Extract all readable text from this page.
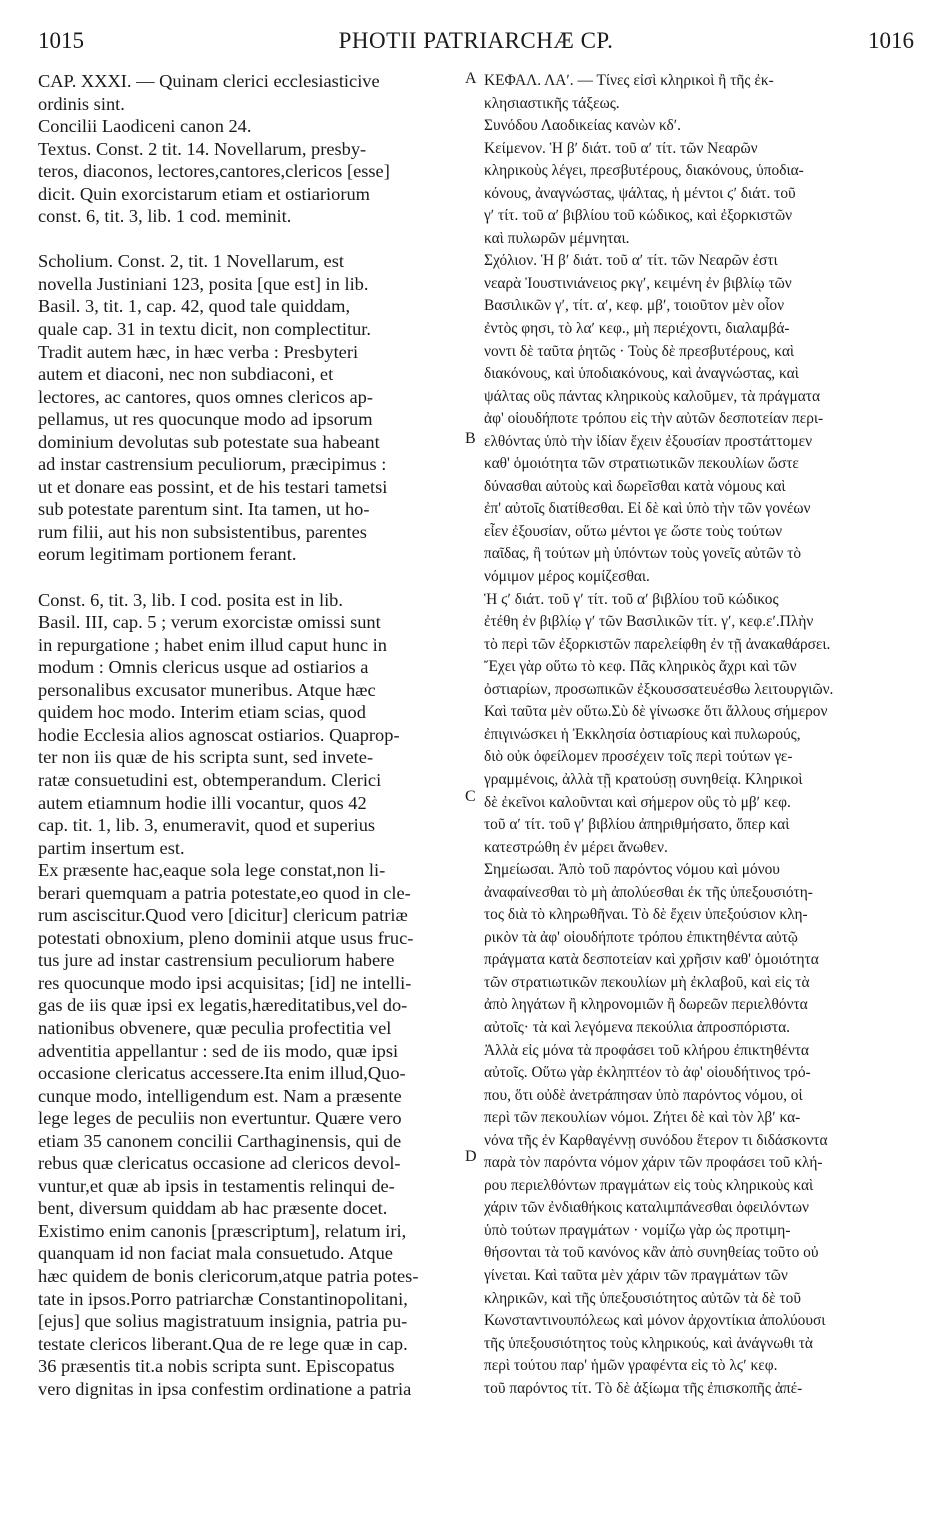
1015	PHOTII PATRIARCHÆ CP.	1016
CAP. XXXI. — Quinam clerici ecclesiasticive
ordinis sint.
Concilii Laodiceni canon 24.
Textus. Const. 2 tit. 14. Novellarum, presby-
teros, diaconos, lectores,cantores,clericos [esse]
dicit. Quin exorcistarum etiam et ostiariorum
const. 6, tit. 3, lib. 1 cod. meminit.
Scholium. Const. 2, tit. 1 Novellarum, est
novella Justiniani 123, posita [que est] in lib.
Basil. 3, tit. 1, cap. 42, quod tale quiddam,
quale cap. 31 in textu dicit, non complectitur.
Tradit autem hæc, in hæc verba : Presbyteri
autem et diaconi, nec non subdiaconi, et
lectores, ac cantores, quos omnes clericos ap-
pellamus, ut res quocunque modo ad ipsorum
dominium devolutas sub potestate sua habeant
ad instar castrensium peculiorum, præcipimus :
ut et donare eas possint, et de his testari tametsi
sub potestate parentum sint. Ita tamen, ut ho-
rum filii, aut his non subsistentibus, parentes
eorum legitimam portionem ferant.
Const. 6, tit. 3, lib. I cod. posita est in lib.
Basil. III, cap. 5 ; verum exorcistæ omissi sunt
in repurgatione ; habet enim illud caput hunc in
modum : Omnis clericus usque ad ostiarios a
personalibus excusator muneribus. Atque hæc
quidem hoc modo. Interim etiam scias, quod
hodie Ecclesia alios agnoscat ostiarios. Quaprop-
ter non iis quæ de his scripta sunt, sed invete-
ratæ consuetudini est, obtemperandum. Clerici
autem etiamnum hodie illi vocantur, quos 42
cap. tit. 1, lib. 3, enumeravit, quod et superius
partim insertum est.
Ex præsente hac,eaque sola lege constat,non li-
berari quemquam a patria potestate,eo quod in cle-
rum asciscitur.Quod vero [dicitur] clericum patriæ
potestati obnoxium, pleno dominii atque usus fruc-
tus jure ad instar castrensium peculiorum habere
res quocunque modo ipsi acquisitas; [id] ne intelli-
gas de iis quæ ipsi ex legatis,hæreditatibus,vel do-
nationibus obvenere, quæ peculia profectitia vel
adventitia appellantur : sed de iis modo, quæ ipsi
occasione clericatus accessere.Ita enim illud,Quo-
cunque modo, intelligendum est. Nam a præsente
lege leges de peculiis non evertuntur. Quære vero
etiam 35 canonem concilii Carthaginensis, qui de
rebus quæ clericatus occasione ad clericos devol-
vuntur,et quæ ab ipsis in testamentis relinqui de-
bent, diversum quiddam ab hac præsente docet.
Existimo enim canonis [præscriptum], relatum iri,
quanquam id non faciat mala consuetudo. Atque
hæc quidem de bonis clericorum,atque patria potes-
tate in ipsos.Porro patriarchæ Constantinopolitani,
[ejus] que solius magistratuum insignia, patria pu-
testate clericos liberant.Qua de re lege quæ in cap.
36 præsentis tit.a nobis scripta sunt. Episcopatus
vero dignitas in ipsa confestim ordinatione a patria
ΚΕΦΑΛ. ΛΑʹ. — Τίνες εἰσὶ κληρικοὶ ἢ τῆς ἐκ-
κλησιαστικῆς τάξεως.
Συνόδου Λαοδικείας κανὼν κδʹ.
Κείμενον. Ἡ βʹ διάτ. τοῦ αʹ τίτ. τῶν Νεαρῶν
κληρικοὺς λέγει, πρεσβυτέρους, διακόνους, ὑποδια-
κόνους, ἀναγνώστας, ψάλτας, ἡ μέντοι ϛʹ διάτ. τοῦ
γʹ τίτ. τοῦ αʹ βιβλίου τοῦ κώδικος, καὶ ἐξορκιστῶν
καὶ πυλωρῶν μέμνηται.
Σχόλιον. Ἡ βʹ διάτ. τοῦ αʹ τίτ. τῶν Νεαρῶν ἐστι
νεαρὰ Ἰουστινιάνειος ρκγʹ, κειμένη ἐν βιβλίῳ τῶν
Βασιλικῶν γʹ, τίτ. αʹ, κεφ. μβʹ, τοιοῦτον μὲν οἷον
ἐντὸς φησι, τὸ λαʹ κεφ., μὴ περιέχοντι, διαλαμβά-
νοντι δὲ ταῦτα ῥητῶς · Τοὺς δὲ πρεσβυτέρους, καὶ
διακόνους, καὶ ὑποδιακόνους, καὶ ἀναγνώστας, καὶ
ψάλτας οὓς πάντας κληρικοὺς καλοῦμεν, τὰ πράγματα
ἀφ' οἱουδήποτε τρόπου εἰς τὴν αὐτῶν δεσποτείαν περι-
ελθόντας ὑπὸ τὴν ἰδίαν ἔχειν ἐξουσίαν προστάττομεν
καθ' ὁμοιότητα τῶν στρατιωτικῶν πεκουλίων ὥστε
δύνασθαι αὐτοὺς καὶ δωρεῖσθαι κατὰ νόμους καὶ
ἐπ' αὐτοῖς διατίθεσθαι. Εἰ δὲ καὶ ὑπὸ τὴν τῶν γονέων
εἶεν ἐξουσίαν, οὕτω μέντοι γε ὥστε τοὺς τούτων
παῖδας, ἢ τούτων μὴ ὑπόντων τοὺς γονεῖς αὐτῶν τὸ
νόμιμον μέρος κομίζεσθαι.
Ἡ ϛʹ διάτ. τοῦ γʹ τίτ. τοῦ αʹ βιβλίου τοῦ κώδικος
ἐτέθη ἐν βιβλίῳ γʹ τῶν Βασιλικῶν τίτ. γʹ, κεφ.εʹ.Πλὴν
τὸ περὶ τῶν ἐξορκιστῶν παρελείφθη ἐν τῇ ἀνακαθάρσει.
Ἔχει γὰρ οὕτω τὸ κεφ. Πᾶς κληρικὸς ἄχρι καὶ τῶν
ὀστιαρίων, προσωπικῶν ἐξκουσσατευέσθω λειτουργιῶν.
Καὶ ταῦτα μὲν οὕτω.Σὺ δὲ γίνωσκε ὅτι ἄλλους σήμερον
ἐπιγινώσκει ἡ Ἐκκλησία ὀστιαρίους καὶ πυλωρούς,
διὸ οὐκ ὀφείλομεν προσέχειν τοῖς περὶ τούτων γε-
γραμμένοις, ἀλλὰ τῇ κρατούσῃ συνηθείᾳ. Κληρικοὶ
δὲ ἐκεῖνοι καλοῦνται καὶ σήμερον οὓς τὸ μβʹ κεφ.
τοῦ αʹ τίτ. τοῦ γʹ βιβλίου ἀπηριθμήσατο, ὅπερ καὶ
κατεστρώθη ἐν μέρει ἄνωθεν.
Σημείωσαι. Ἀπὸ τοῦ παρόντος νόμου καὶ μόνου
ἀναφαίνεσθαι τὸ μὴ ἀπολύεσθαι ἐκ τῆς ὑπεξουσιότη-
τος διὰ τὸ κληρωθῆναι. Τὸ δὲ ἔχειν ὑπεξούσιον κλη-
ρικὸν τὰ ἀφ' οἱουδήποτε τρόπου ἐπικτηθέντα αὐτῷ
πράγματα κατὰ δεσποτείαν καὶ χρῆσιν καθ' ὁμοιότητα
τῶν στρατιωτικῶν πεκουλίων μὴ ἐκλαβοῦ, καὶ εἰς τὰ
ἀπὸ ληγάτων ἢ κληρονομιῶν ἢ δωρεῶν περιελθόντα
αὐτοῖς· τὰ καὶ λεγόμενα πεκούλια ἀπροσπόριστα.
Ἀλλὰ εἰς μόνα τὰ προφάσει τοῦ κλήρου ἐπικτηθέντα
αὐτοῖς. Οὕτω γὰρ ἐκληπτέον τὸ ἀφ' οἱουδήτινος τρό-
που, ὅτι οὐδὲ ἀνετράπησαν ὑπὸ παρόντος νόμου, οἱ
περὶ τῶν πεκουλίων νόμοι. Ζήτει δὲ καὶ τὸν λβʹ κα-
νόνα τῆς ἐν Καρθαγέννῃ συνόδου ἕτερον τι διδάσκοντα
παρὰ τὸν παρόντα νόμον χάριν τῶν προφάσει τοῦ κλή-
ρου περιελθόντων πραγμάτων εἰς τοὺς κληρικοὺς καὶ
χάριν τῶν ἐνδιαθήκοις καταλιμπάνεσθαι ὀφειλόντων
ὑπὸ τούτων πραγμάτων · νομίζω γὰρ ὡς προτιμη-
θήσονται τὰ τοῦ κανόνος κἂν ἀπὸ συνηθείας τοῦτο οὐ
γίνεται. Καὶ ταῦτα μὲν χάριν τῶν πραγμάτων τῶν
κληρικῶν, καὶ τῆς ὑπεξουσιότητος αὐτῶν τὰ δὲ τοῦ
Κωνσταντινουπόλεως καὶ μόνον ἀρχοντίκια ἀπολύουσι
τῆς ὑπεξουσιότητος τοὺς κληρικούς, καὶ ἀνάγνωθι τὰ
περὶ τούτου παρ' ἡμῶν γραφέντα εἰς τὸ λϛʹ κεφ.
τοῦ παρόντος τίτ. Τὸ δὲ ἀξίωμα τῆς ἐπισκοπῆς ἀπέ-
A
B
C
D
